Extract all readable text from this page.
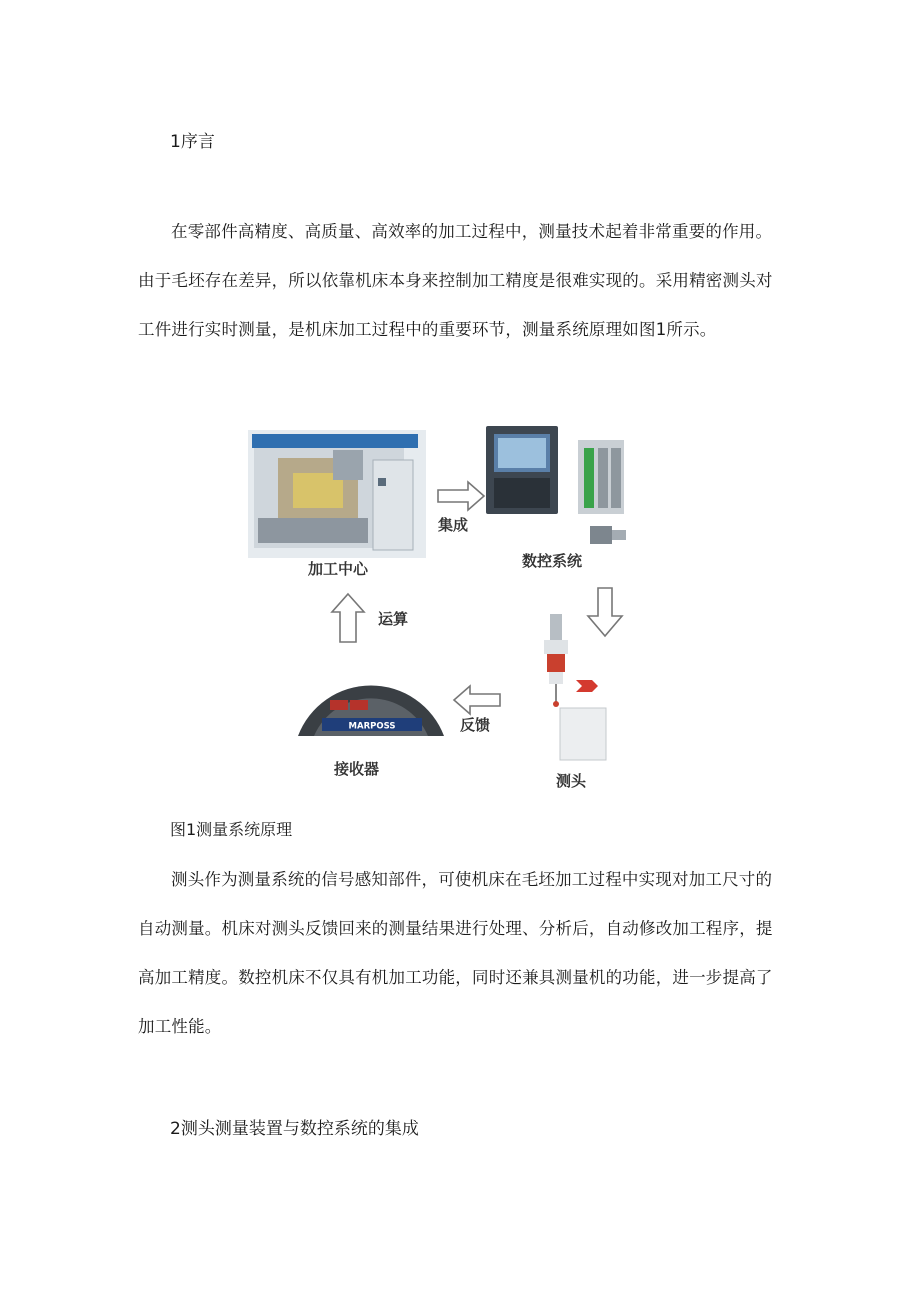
1序言

在零部件高精度、高质量、高效率的加工过程中，测量技术起着非常重要的作用。由于毛坯存在差异，所以依靠机床本身来控制加工精度是很难实现的。采用精密测头对工件进行实时测量，是机床加工过程中的重要环节，测量系统原理如图1所示。

MARPOSS
加工中心
集成
数控系统
运算
反馈
接收器
测头
图1测量系统原理

测头作为测量系统的信号感知部件，可使机床在毛坯加工过程中实现对加工尺寸的自动测量。机床对测头反馈回来的测量结果进行处理、分析后，自动修改加工程序，提高加工精度。数控机床不仅具有机加工功能，同时还兼具测量机的功能，进一步提高了加工性能。

2测头测量装置与数控系统的集成
